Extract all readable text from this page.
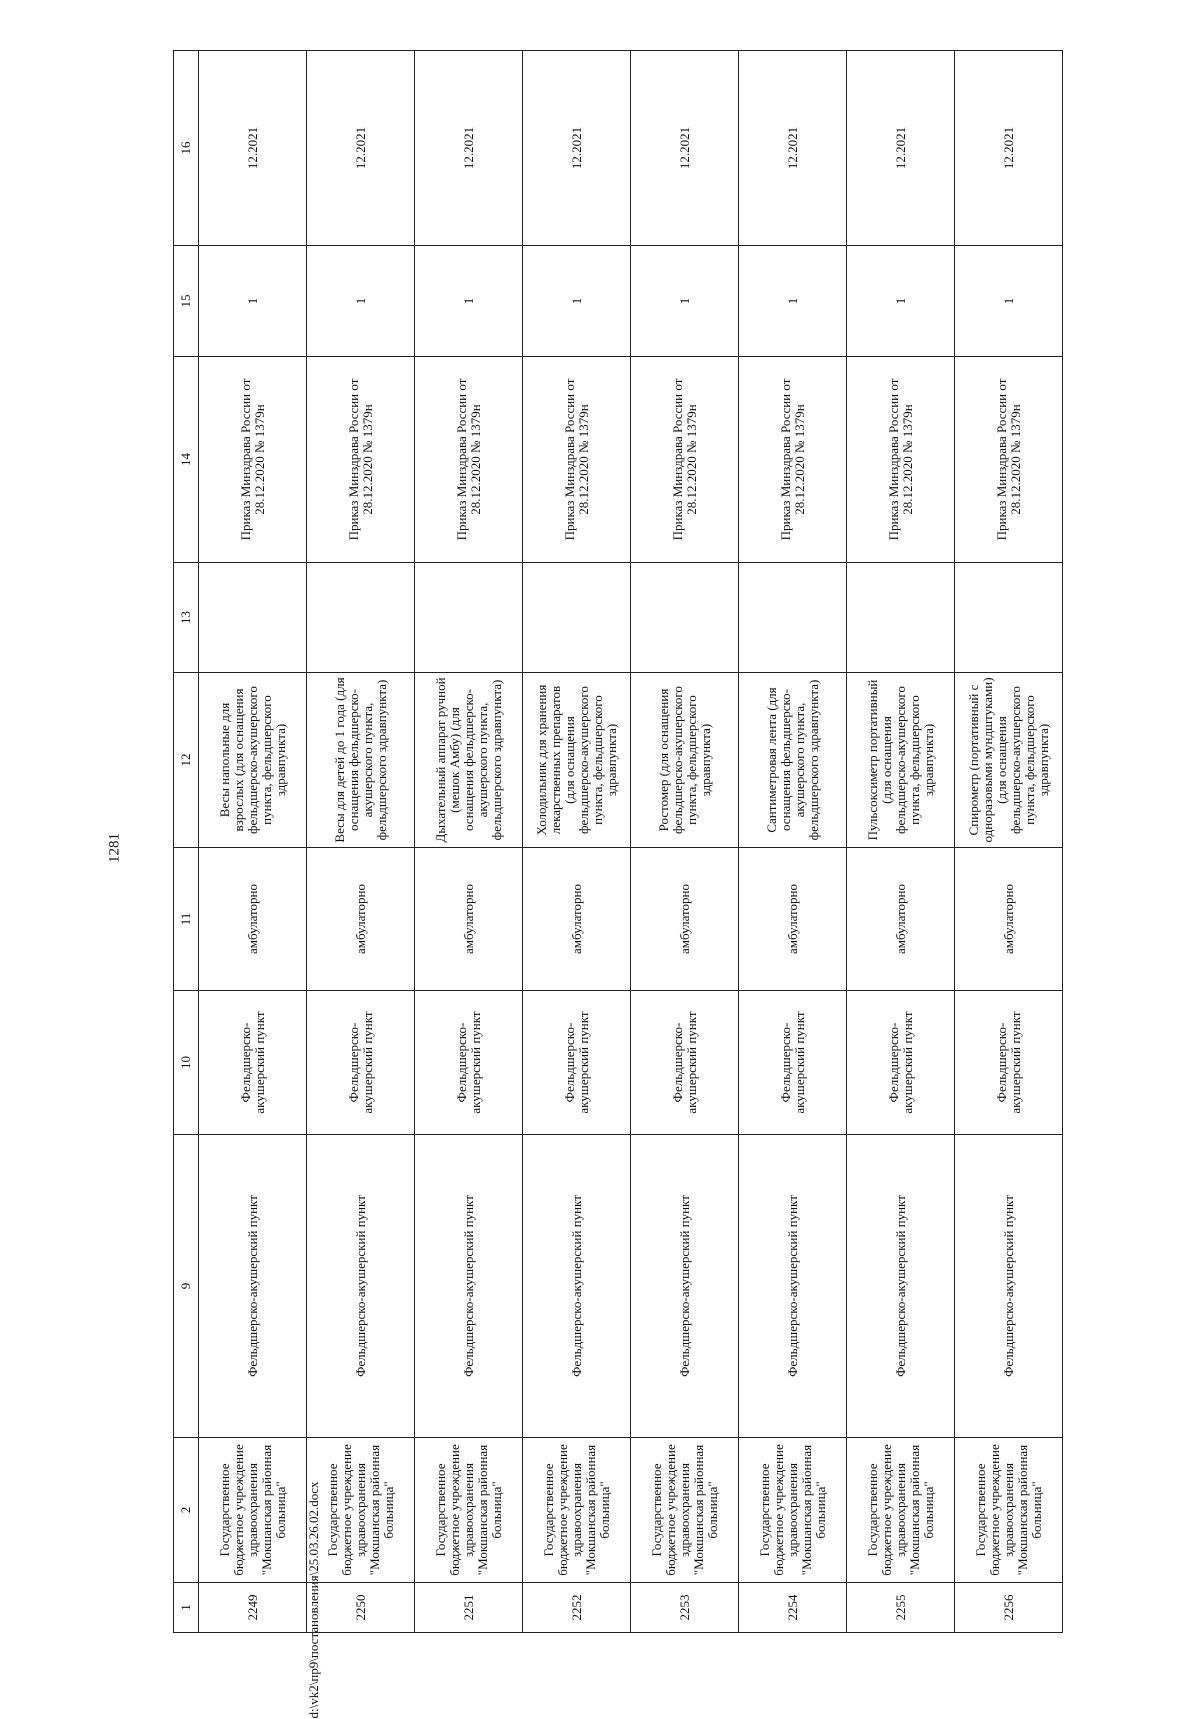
1281
1	2	9	10	11	12	13	14	15	16
2249	Государственное бюджетное учреждение здравоохранения "Мокшанская районная больница"	Фельдшерско-акушерский пункт	Фельдшерско-акушерский пункт	амбулаторно	Весы напольные для взрослых (для оснащения фельдшерско-акушерского пункта, фельдшерского здравпункта)		Приказ Минздрава России от 28.12.2020 № 1379н	1	12.2021
2250	Государственное бюджетное учреждение здравоохранения "Мокшанская районная больница"	Фельдшерско-акушерский пункт	Фельдшерско-акушерский пункт	амбулаторно	Весы для детей до 1 года (для оснащения фельдшерско-акушерского пункта, фельдшерского здравпункта)		Приказ Минздрава России от 28.12.2020 № 1379н	1	12.2021
2251	Государственное бюджетное учреждение здравоохранения "Мокшанская районная больница"	Фельдшерско-акушерский пункт	Фельдшерско-акушерский пункт	амбулаторно	Дыхательный аппарат ручной (мешок Амбу) (для оснащения фельдшерско-акушерского пункта, фельдшерского здравпункта)		Приказ Минздрава России от 28.12.2020 № 1379н	1	12.2021
2252	Государственное бюджетное учреждение здравоохранения "Мокшанская районная больница"	Фельдшерско-акушерский пункт	Фельдшерско-акушерский пункт	амбулаторно	Холодильник для хранения лекарственных препаратов (для оснащения фельдшерско-акушерского пункта, фельдшерского здравпункта)		Приказ Минздрава России от 28.12.2020 № 1379н	1	12.2021
2253	Государственное бюджетное учреждение здравоохранения "Мокшанская районная больница"	Фельдшерско-акушерский пункт	Фельдшерско-акушерский пункт	амбулаторно	Ростомер (для оснащения фельдшерско-акушерского пункта, фельдшерского здравпункта)		Приказ Минздрава России от 28.12.2020 № 1379н	1	12.2021
2254	Государственное бюджетное учреждение здравоохранения "Мокшанская районная больница"	Фельдшерско-акушерский пункт	Фельдшерско-акушерский пункт	амбулаторно	Сантиметровая лента (для оснащения фельдшерско-акушерского пункта, фельдшерского здравпункта)		Приказ Минздрава России от 28.12.2020 № 1379н	1	12.2021
2255	Государственное бюджетное учреждение здравоохранения "Мокшанская районная больница"	Фельдшерско-акушерский пункт	Фельдшерско-акушерский пункт	амбулаторно	Пульсоксиметр портативный (для оснащения фельдшерско-акушерского пункта, фельдшерского здравпункта)		Приказ Минздрава России от 28.12.2020 № 1379н	1	12.2021
2256	Государственное бюджетное учреждение здравоохранения "Мокшанская районная больница"	Фельдшерско-акушерский пункт	Фельдшерско-акушерский пункт	амбулаторно	Спирометр (портативный с одноразовыми мундштуками) (для оснащения фельдшерско-акушерского пункта, фельдшерского здравпункта)		Приказ Минздрава России от 28.12.2020 № 1379н	1	12.2021
d:\vk2\пр9\постановления\25.03.26.02.docx
